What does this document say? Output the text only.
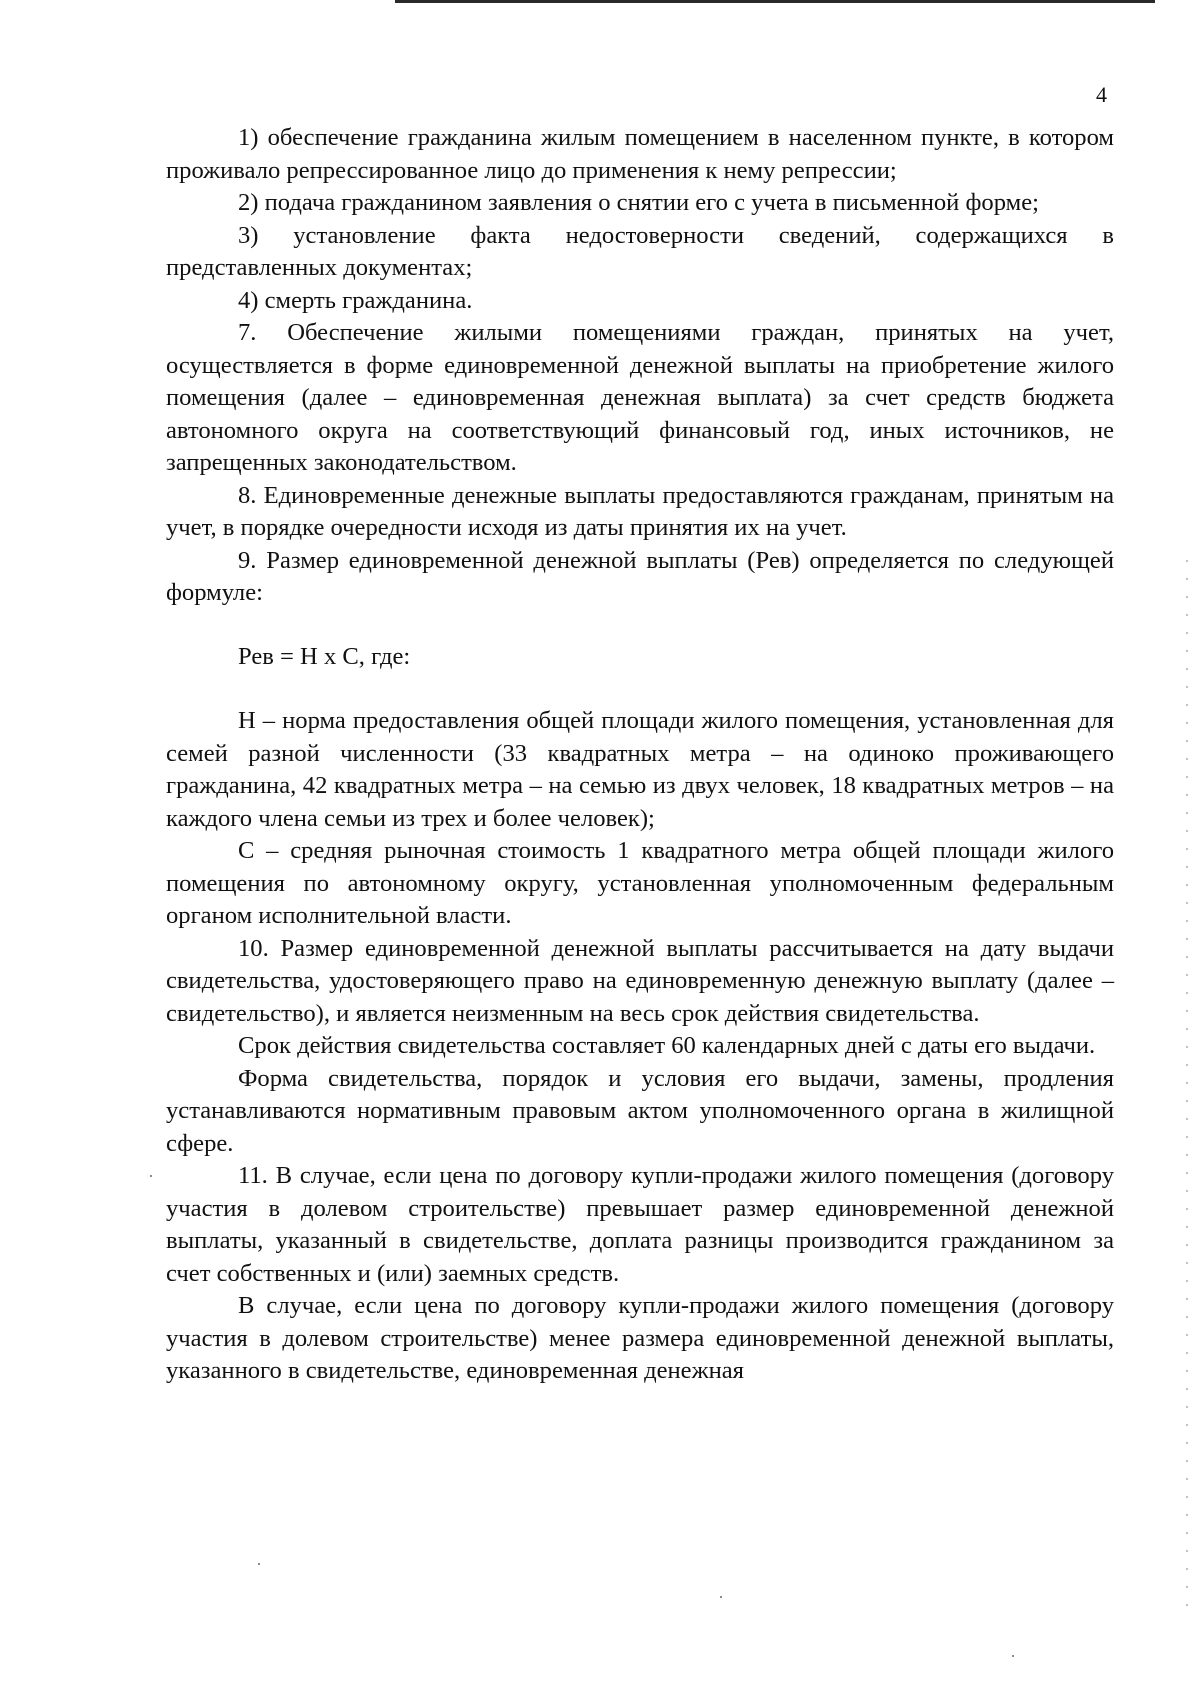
4

1) обеспечение гражданина жилым помещением в населенном пункте, в котором проживало репрессированное лицо до применения к нему репрессии;

2) подача гражданином заявления о снятии его с учета в письменной форме;

3) установление факта недостоверности сведений, содержащихся в представленных документах;

4) смерть гражданина.

7. Обеспечение жилыми помещениями граждан, принятых на учет, осуществляется в форме единовременной денежной выплаты на приобретение жилого помещения (далее – единовременная денежная выплата) за счет средств бюджета автономного округа на соответствующий финансовый год, иных источников, не запрещенных законодательством.

8. Единовременные денежные выплаты предоставляются гражданам, принятым на учет, в порядке очередности исходя из даты принятия их на учет.

9. Размер единовременной денежной выплаты (Рев) определяется по следующей формуле:

Рев = Н х С, где:

Н – норма предоставления общей площади жилого помещения, установленная для семей разной численности (33 квадратных метра – на одиноко проживающего гражданина, 42 квадратных метра – на семью из двух человек, 18 квадратных метров – на каждого члена семьи из трех и более человек);

С – средняя рыночная стоимость 1 квадратного метра общей площади жилого помещения по автономному округу, установленная уполномоченным федеральным органом исполнительной власти.

10. Размер единовременной денежной выплаты рассчитывается на дату выдачи свидетельства, удостоверяющего право на единовременную денежную выплату (далее – свидетельство), и является неизменным на весь срок действия свидетельства.

Срок действия свидетельства составляет 60 календарных дней с даты его выдачи.

Форма свидетельства, порядок и условия его выдачи, замены, продления устанавливаются нормативным правовым актом уполномоченного органа в жилищной сфере.

11. В случае, если цена по договору купли-продажи жилого помещения (договору участия в долевом строительстве) превышает размер единовременной денежной выплаты, указанный в свидетельстве, доплата разницы производится гражданином за счет собственных и (или) заемных средств.

В случае, если цена по договору купли-продажи жилого помещения (договору участия в долевом строительстве) менее размера единовременной денежной выплаты, указанного в свидетельстве, единовременная денежная
